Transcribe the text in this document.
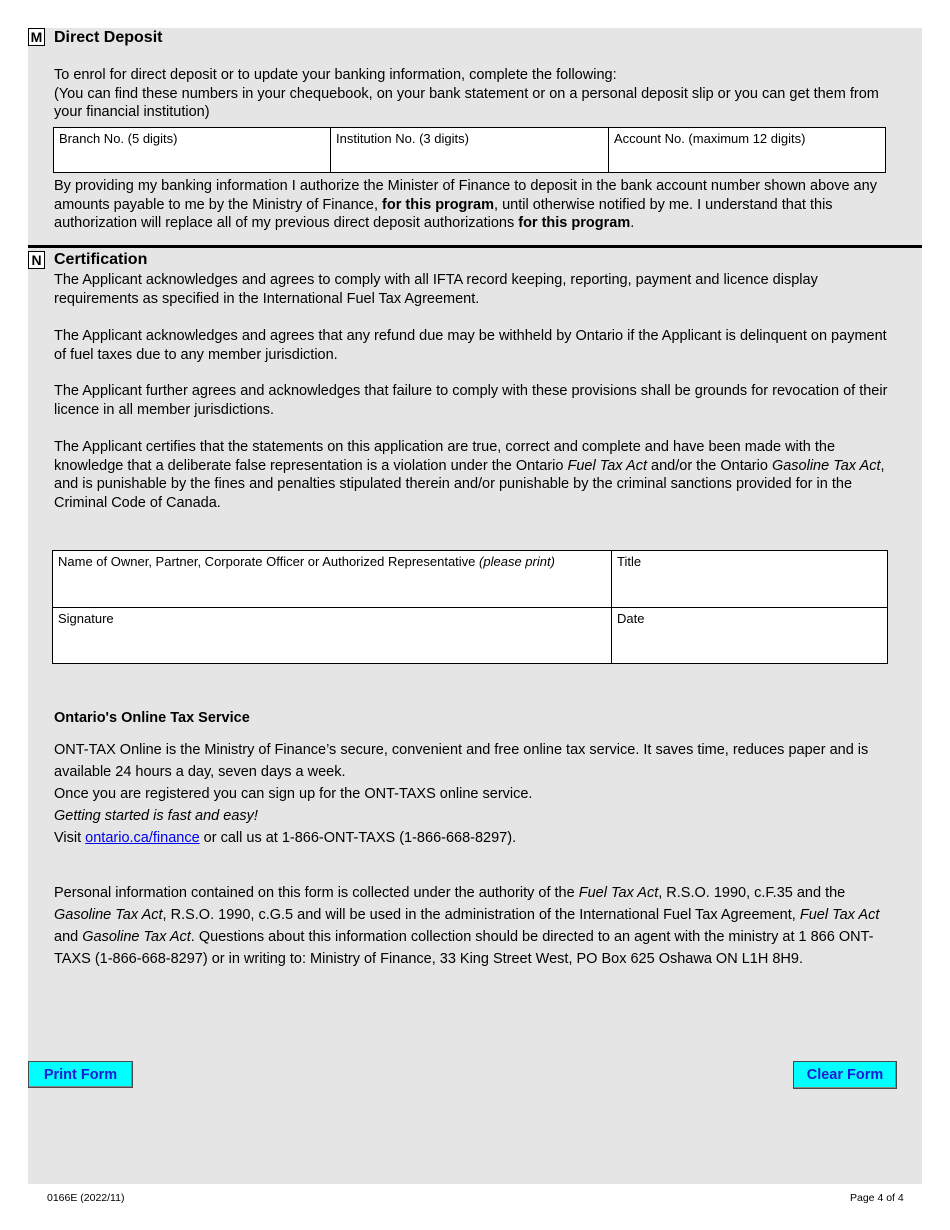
M Direct Deposit
To enrol for direct deposit or to update your banking information, complete the following:
(You can find these numbers in your chequebook, on your bank statement or on a personal deposit slip or you can get them from your financial institution)
Branch No. (5 digits)	Institution No. (3 digits)	Account No. (maximum 12 digits)
By providing my banking information I authorize the Minister of Finance to deposit in the bank account number shown above any amounts payable to me by the Ministry of Finance, for this program, until otherwise notified by me. I understand that this authorization will replace all of my previous direct deposit authorizations for this program.
N Certification
The Applicant acknowledges and agrees to comply with all IFTA record keeping, reporting, payment and licence display requirements as specified in the International Fuel Tax Agreement.
The Applicant acknowledges and agrees that any refund due may be withheld by Ontario if the Applicant is delinquent on payment of fuel taxes due to any member jurisdiction.
The Applicant further agrees and acknowledges that failure to comply with these provisions shall be grounds for revocation of their licence in all member jurisdictions.
The Applicant certifies that the statements on this application are true, correct and complete and have been made with the knowledge that a deliberate false representation is a violation under the Ontario Fuel Tax Act and/or the Ontario Gasoline Tax Act, and is punishable by the fines and penalties stipulated therein and/or punishable by the criminal sanctions provided for in the Criminal Code of Canada.
Name of Owner, Partner, Corporate Officer or Authorized Representative (please print)	Title
Signature	Date
Ontario's Online Tax Service
ONT-TAX Online is the Ministry of Finance’s secure, convenient and free online tax service. It saves time, reduces paper and is available 24 hours a day, seven days a week.
Once you are registered you can sign up for the ONT-TAXS online service.
Getting started is fast and easy!
Visit ontario.ca/finance or call us at 1-866-ONT-TAXS (1-866-668-8297).
Personal information contained on this form is collected under the authority of the Fuel Tax Act, R.S.O. 1990, c.F.35 and the Gasoline Tax Act, R.S.O. 1990, c.G.5 and will be used in the administration of the International Fuel Tax Agreement, Fuel Tax Act and Gasoline Tax Act. Questions about this information collection should be directed to an agent with the ministry at 1 866 ONT-TAXS (1-866-668-8297) or in writing to: Ministry of Finance, 33 King Street West, PO Box 625 Oshawa ON L1H 8H9.
Print Form	Clear Form
0166E (2022/11)	Page 4 of 4
